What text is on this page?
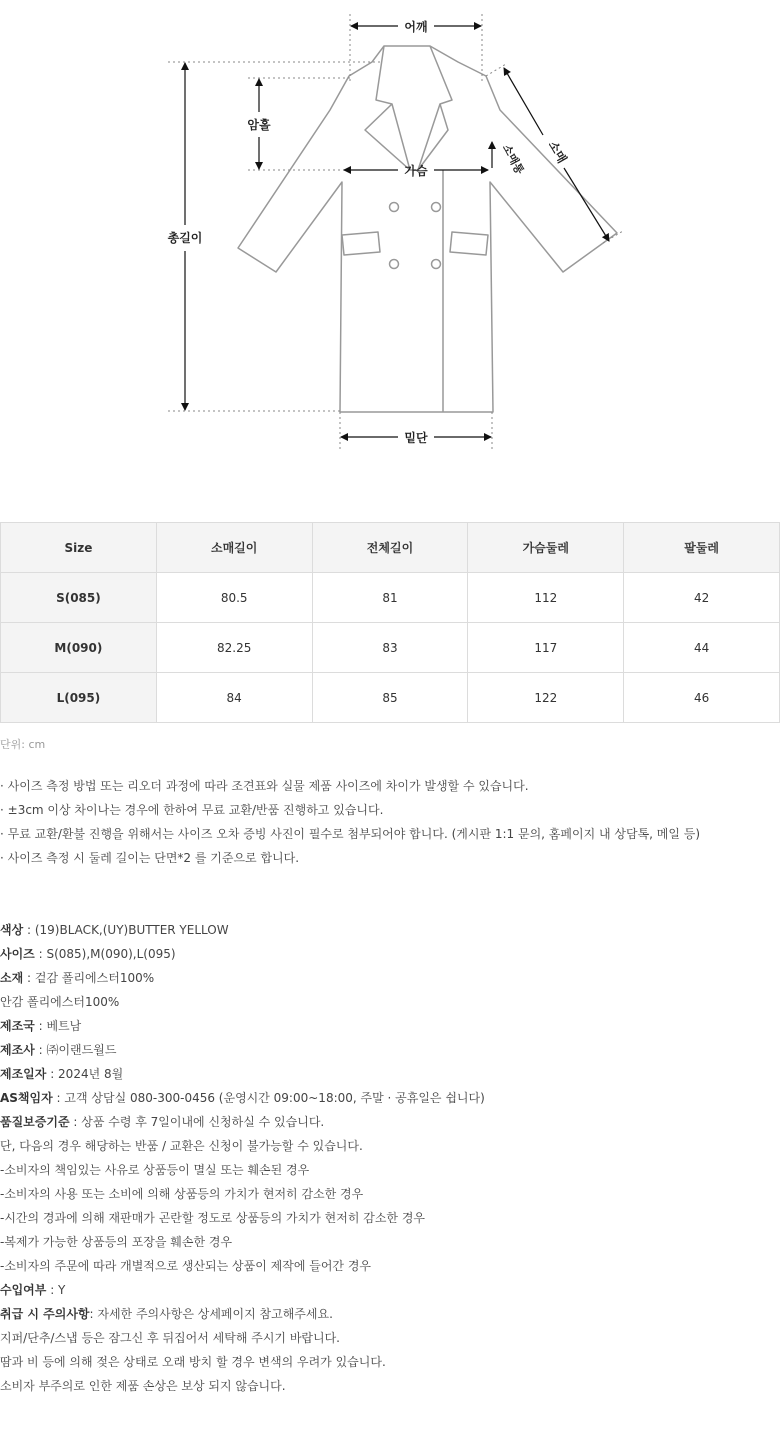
어깨
암홀
총길이
가슴	소매통 소매
밑단
Size	소매길이	전체길이	가슴둘레	팔둘레
S(085)	80.5	81	112	42
M(090)	82.25	83	117	44
L(095)	84	85	122	46
단위: cm
· 사이즈 측정 방법 또는 리오더 과정에 따라 조견표와 실물 제품 사이즈에 차이가 발생할 수 있습니다.
· ±3cm 이상 차이나는 경우에 한하여 무료 교환/반품 진행하고 있습니다.
· 무료 교환/환불 진행을 위해서는 사이즈 오차 증빙 사진이 필수로 첨부되어야 합니다. (게시판 1:1 문의, 홈페이지 내 상담톡, 메일 등)
· 사이즈 측정 시 둘레 길이는 단면*2 를 기준으로 합니다.
색상 : (19)BLACK,(UY)BUTTER YELLOW
사이즈 : S(085),M(090),L(095)
소재 : 겉감 폴리에스터100%
안감 폴리에스터100%
제조국 : 베트남
제조사 : ㈜이랜드월드
제조일자 : 2024년 8월
AS책임자 : 고객 상담실 080-300-0456 (운영시간 09:00~18:00, 주말 · 공휴일은 쉽니다)
품질보증기준 : 상품 수령 후 7일이내에 신청하실 수 있습니다.
단, 다음의 경우 해당하는 반품 / 교환은 신청이 불가능할 수 있습니다.
-소비자의 책임있는 사유로 상품등이 멸실 또는 훼손된 경우
-소비자의 사용 또는 소비에 의해 상품등의 가치가 현저히 감소한 경우
-시간의 경과에 의해 재판매가 곤란할 정도로 상품등의 가치가 현저히 감소한 경우
-복제가 가능한 상품등의 포장을 훼손한 경우
-소비자의 주문에 따라 개별적으로 생산되는 상품이 제작에 들어간 경우
수입여부 : Y
취급 시 주의사항: 자세한 주의사항은 상세페이지 참고해주세요.
지퍼/단추/스냅 등은 잠그신 후 뒤집어서 세탁해 주시기 바랍니다.
땀과 비 등에 의해 젖은 상태로 오래 방치 할 경우 변색의 우려가 있습니다.
소비자 부주의로 인한 제품 손상은 보상 되지 않습니다.
